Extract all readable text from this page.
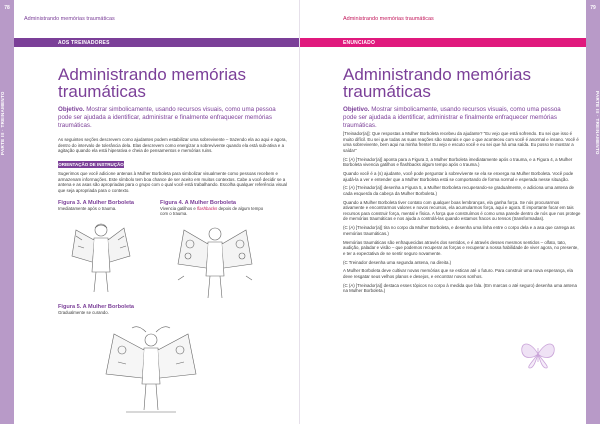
78
PARTE III · TREINAMENTO
Administrando memórias traumáticas
AOS TREINADORES
Administrando memórias traumáticas
Objetivo. Mostrar simbolicamente, usando recursos visuais, como uma pessoa pode ser ajudada a identificar, administrar e finalmente enfraquecer memórias traumáticas.

As seguintes seções descrevem como ajudantes podem estabilizar uma sobrevivente – trazendo ela ao aqui e agora, dentro do intervalo de tolerância dela. Elas descrevem como energizar a sobrevivente quando ela está sub-ativa e a agitação quando ela está hiperativa e cheia de pensamentos e memórias ruins.

ORIENTAÇÃO DE INSTRUÇÃO

Sugerimos que você adicione antenas à Mulher Borboleta para simbolizar visualmente como pessoas recebem e armazenam informações. Este símbolo tem boa chance de ser aceito em muitos contextos. Cabe a você decidir se a antena e as asas são apropriadas para o grupo com o qual você está trabalhando. Escolha qualquer referência visual que seja apropriada para o contexto.

Figura 3. A Mulher Borboleta
Imediatamente após o trauma.
Figura 4. A Mulher Borboleta
Vivencia gatilhos e flashbacks depois de algum tempo com o trauma.
Figura 5. A Mulher Borboleta
Gradualmente se curando.
79
PARTE III · TREINAMENTO
Administrando memórias traumáticas
ENUNCIADO
Administrando memórias traumáticas
Objetivo. Mostrar simbolicamente, usando recursos visuais, como uma pessoa pode ser ajudada a identificar, administrar e finalmente enfraquecer memórias traumáticas.

[Treinador(a)]: Que respostas a Mulher Borboleta recebeu da ajudante? "Eu vejo que está sofrendo. Eu sei que isso é muito difícil. Eu sei que todas as suas reações são naturais e que o que aconteceu com você é anormal e insano. Você é uma sobrevivente, bem aqui na minha frente! Eu vejo e escuto você e eu sei que há uma saída. Eu posso te mostrar a saída!"

(C (A) [Treinador(a)] aponta para a Figura 3, a Mulher Borboleta imediatamente após o trauma, e a Figura 4, a Mulher Borboleta vivencia gatilhos e flashbacks algum tempo após o trauma.)

Quando você é a (s) ajudante, você pode perguntar à sobrevivente se ela se enxerga na Mulher Borboleta. Você pode ajudá-la a ver e entender que a Mulher Borboleta está se comportando de forma normal e esperada nesse situação.

(C (A) [Treinador(a)] desenha a Figura 5, a Mulher Borboleta recuperando-se gradualmente, e adiciona uma antena de cada esquerda da cabeça da Mulher Borboleta.)

Quando a Mulher Borboleta tiver contato com qualquer boas lembranças, ela ganha força. Se nós procurarmos ativamente e encontrarmos valores e novos recursos, ela acumularmos força, aqui e agora. É importante focar em tais recursos para construir força, mental e física. A força que construímos é como uma parede dentro de nós que nos protege de memórias traumáticas e nos ajuda a controlá-las quando estamos fracos ou tensos (transformadas).

(C (A) [Treinador(a)] tira no corpo da Mulher Borboleta, e desenha uma linha entre o corpo dela e a asa que carrega as memórias traumáticas.)

Memórias traumáticas são enfraquecidas através dos sentidos, e é através desses mesmos sentidos – olfato, tato, audição, paladar e visão – que podemos recuperar as forças e recuperar a nossa habilidade de viver agora, no presente, e ter a expectativa de se sentir seguro novamente.

(C Treinador desenha uma segunda antena, na direita.)

A Mulher Borboleta deve cultivar novas memórias que se estican até o futuro. Para construir uma nova esperança, ela deve resgatar seus velhos planos e desejos, e encontrar novos sonhos.

(C (A) [Treinador(a)] destaca esses tópicos no corpo à medida que fala. (Em marcas o até seguro) desenha uma antena na Mulher Borboleta.)
